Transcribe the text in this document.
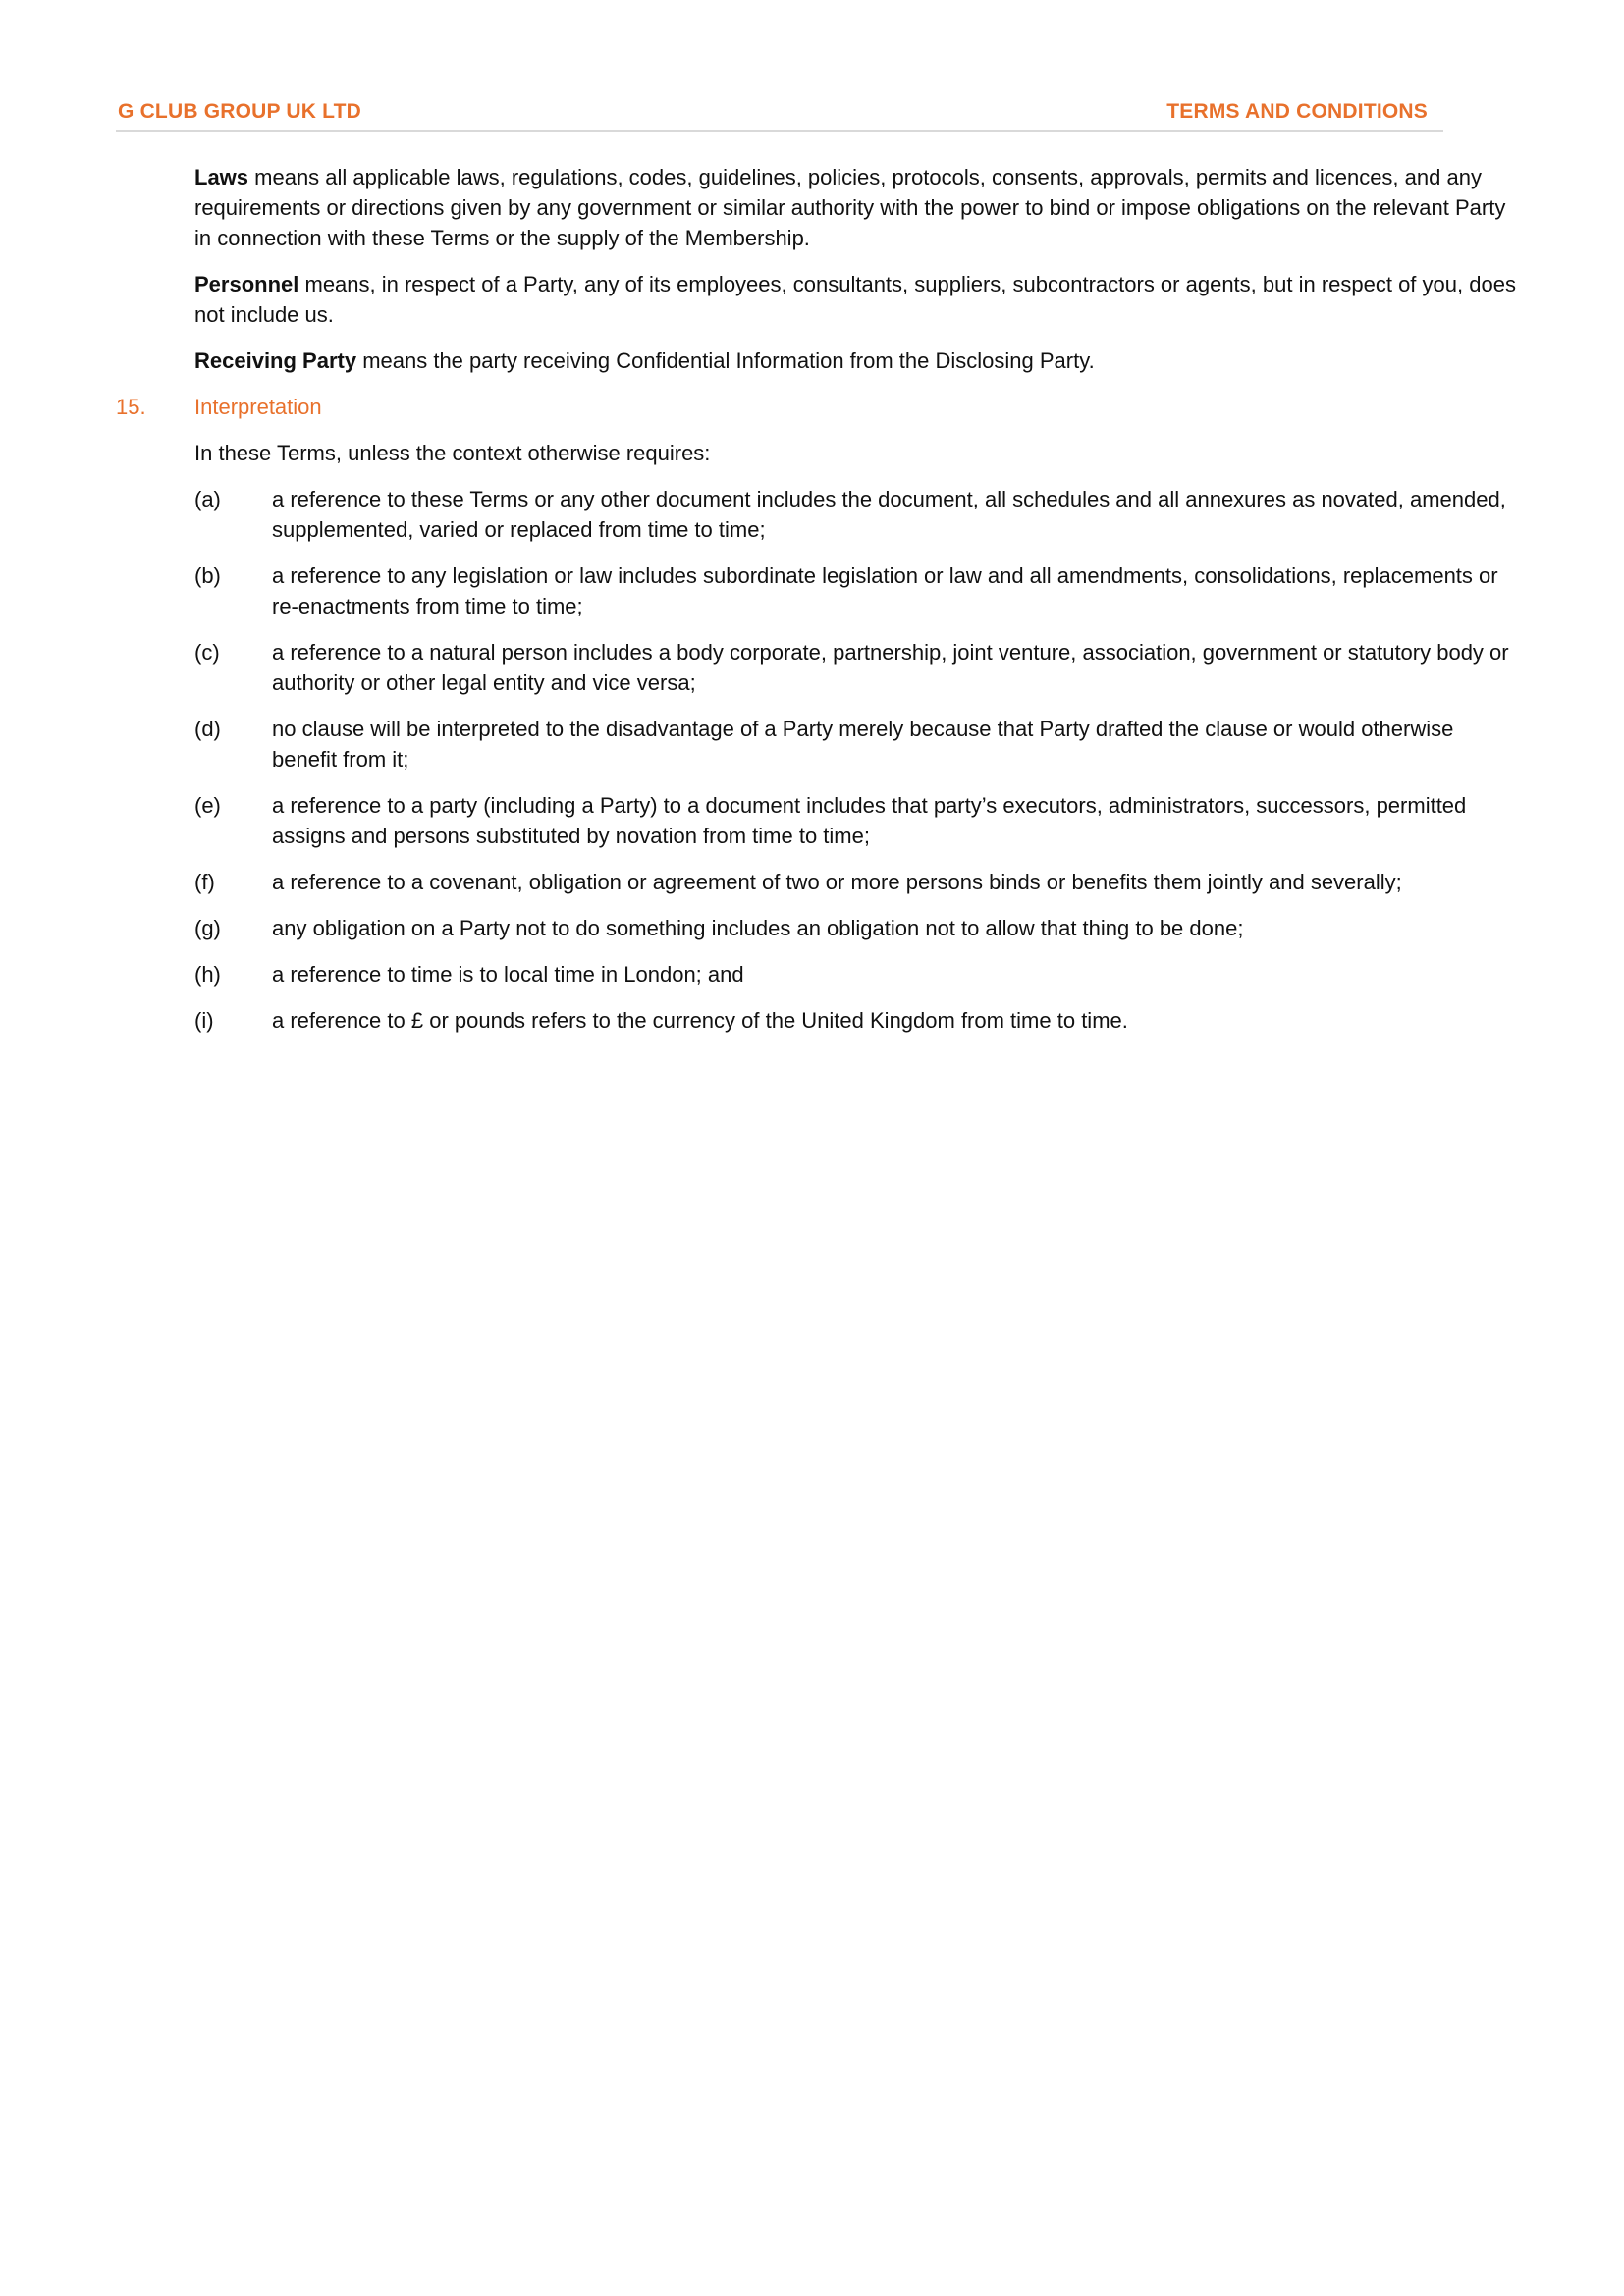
G CLUB GROUP UK LTD	TERMS AND CONDITIONS

Laws means all applicable laws, regulations, codes, guidelines, policies, protocols, consents, approvals, permits and licences, and any requirements or directions given by any government or similar authority with the power to bind or impose obligations on the relevant Party in connection with these Terms or the supply of the Membership.

Personnel means, in respect of a Party, any of its employees, consultants, suppliers, subcontractors or agents, but in respect of you, does not include us.

Receiving Party means the party receiving Confidential Information from the Disclosing Party.

15. Interpretation

In these Terms, unless the context otherwise requires:

(a) a reference to these Terms or any other document includes the document, all schedules and all annexures as novated, amended, supplemented, varied or replaced from time to time;
(b) a reference to any legislation or law includes subordinate legislation or law and all amendments, consolidations, replacements or re-enactments from time to time;
(c) a reference to a natural person includes a body corporate, partnership, joint venture, association, government or statutory body or authority or other legal entity and vice versa;
(d) no clause will be interpreted to the disadvantage of a Party merely because that Party drafted the clause or would otherwise benefit from it;
(e) a reference to a party (including a Party) to a document includes that party’s executors, administrators, successors, permitted assigns and persons substituted by novation from time to time;
(f)	a reference to a covenant, obligation or agreement of two or more persons binds or benefits them jointly and severally;
(g) any obligation on a Party not to do something includes an obligation not to allow that thing to be done;
(h) a reference to time is to local time in London; and
(i)	a reference to £ or pounds refers to the currency of the United Kingdom from time to time.
